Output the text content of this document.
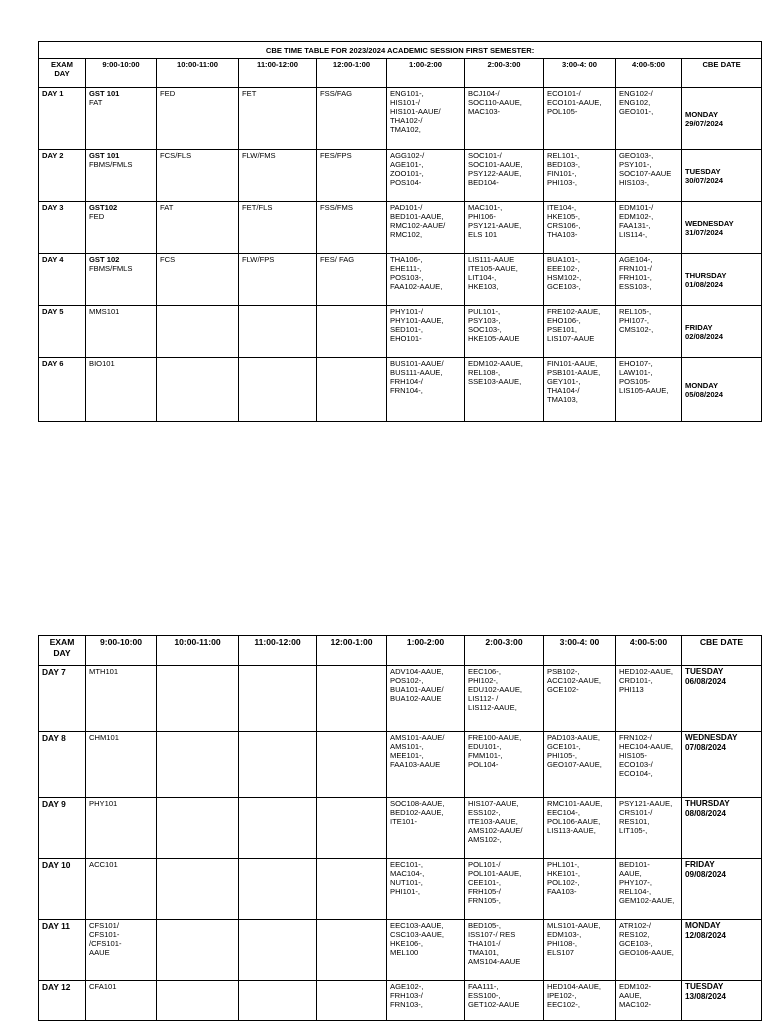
CBE TIME TABLE FOR 2023/2024 ACADEMIC SESSION FIRST SEMESTER:									

EXAM
DAY	9:00-10:00	10:00-11:00	11:00-12:00	12:00-1:00	1:00-2:00	2:00-3:00	3:00-4: 00	4:00-5:00	CBE DATE

DAY 1	GST 101
FAT	FED	FET	FSS/FAG	ENG101-,
HIS101-/
HIS101-AAUE/
THA102-/
TMA102,	BCJ104-/
SOC110-AAUE,
MAC103-	ECO101-/
ECO101-AAUE,
POL105-	ENG102-/
ENG102,
GEO101-,	MONDAY
29/07/2024

DAY 2	GST 101
FBMS/FMLS	FCS/FLS	FLW/FMS	FES/FPS	AGG102-/
AGE101-,
ZOO101-,
POS104-	SOC101-/
SOC101-AAUE,
PSY122-AAUE,
BED104-	REL101-,
BED103-,
FIN101-,
PHI103-,	GEO103-,
PSY101-,
SOC107-AAUE
HIS103-,	TUESDAY
30/07/2024

DAY 3	GST102
FED	FAT	FET/FLS	FSS/FMS	PAD101-/
BED101-AAUE,
RMC102-AAUE/
RMC102,	MAC101-,
PHI106-
PSY121-AAUE,
ELS 101	ITE104-,
HKE105-,
CRS106-,
THA103-	EDM101-/
EDM102-,
FAA131-,
LIS114-,	WEDNESDAY
31/07/2024

DAY 4	GST 102
FBMS/FMLS	FCS	FLW/FPS	FES/ FAG	THA106-,
EHE111-,
POS103-,
FAA102-AAUE,	LIS111-AAUE
ITE105-AAUE,
LIT104-,
HKE103,	BUA101-,
EEE102-,
HSM102-,
GCE103-,	AGE104-,
FRN101-/
FRH101-,
ESS103-,	THURSDAY
01/08/2024

DAY 5	MMS101				PHY101-/
PHY101-AAUE,
SED101-,
EHO101-	PUL101-,
PSY103-,
SOC103-,
HKE105-AAUE	FRE102-AAUE,
EHO106-,
PSE101,
LIS107-AAUE	REL105-,
PHI107-,
CMS102-,	FRIDAY
02/08/2024

DAY 6	BIO101				BUS101-AAUE/
BUS111-AAUE,
FRH104-/
FRN104-,	EDM102-AAUE,
REL108-,
SSE103-AAUE,	FIN101-AAUE,
PSB101-AAUE,
GEY101-,
THA104-/
TMA103,	EHO107-,
LAW101-,
POS105-
LIS105-AAUE,	MONDAY
05/08/2024
EXAM
DAY	9:00-10:00	10:00-11:00	11:00-12:00	12:00-1:00	1:00-2:00	2:00-3:00	3:00-4: 00	4:00-5:00	CBE DATE

DAY 7	MTH101				ADV104-AAUE,
POS102-,
BUA101-AAUE/
BUA102-AAUE	EEC106-,
PHI102-,
EDU102-AAUE,
LIS112- /
LIS112-AAUE,	PSB102-,
ACC102-AAUE,
GCE102-	HED102-AAUE,
CRD101-,
PHI113	TUESDAY
06/08/2024

DAY 8	CHM101				AMS101-AAUE/
AMS101-,
MEE101-,
FAA103-AAUE	FRE100-AAUE,
EDU101-,
FMM101-,
POL104-	PAD103-AAUE,
GCE101-,
PHI105-,
GEO107-AAUE,	FRN102-/
HEC104-AAUE,
HIS105-
ECO103-/
ECO104-,	WEDNESDAY
07/08/2024

DAY 9	PHY101				SOC108-AAUE,
BED102-AAUE,
ITE101-	HIS107-AAUE,
ESS102-,
ITE103-AAUE,
AMS102-AAUE/
AMS102-,	RMC101-AAUE,
EEC104-,
POL106-AAUE,
LIS113-AAUE,	PSY121-AAUE,
CRS101-/
RES101,
LIT105-,	THURSDAY
08/08/2024

DAY 10	ACC101				EEC101-,
MAC104-,
NUT101-,
PHI101-,	POL101-/
POL101-AAUE,
CEE101-,
FRH105-/
FRN105-,	PHL101-,
HKE101-,
POL102-,
FAA103-	BED101-
AAUE,
PHY107-,
REL104-,
GEM102-AAUE,	FRIDAY
09/08/2024

DAY 11	CFS101/
CFS101-
/CFS101-
AAUE				EEC103-AAUE,
CSC103-AAUE,
HKE106-,
MEL100	BED105-,
ISS107-/ RES
THA101-/
TMA101,
AMS104-AAUE	MLS101-AAUE,
EDM103-,
PHI108-,
ELS107	ATR102-/
RES102,
GCE103-,
GEO106-AAUE,	MONDAY
12/08/2024

DAY 12	CFA101				AGE102-,
FRH103-/
FRN103-,	FAA111-,
ESS100-,
GET102-AAUE	HED104-AAUE,
IPE102-,
EEC102-,	EDM102-
AAUE,
MAC102-	TUESDAY
13/08/2024
